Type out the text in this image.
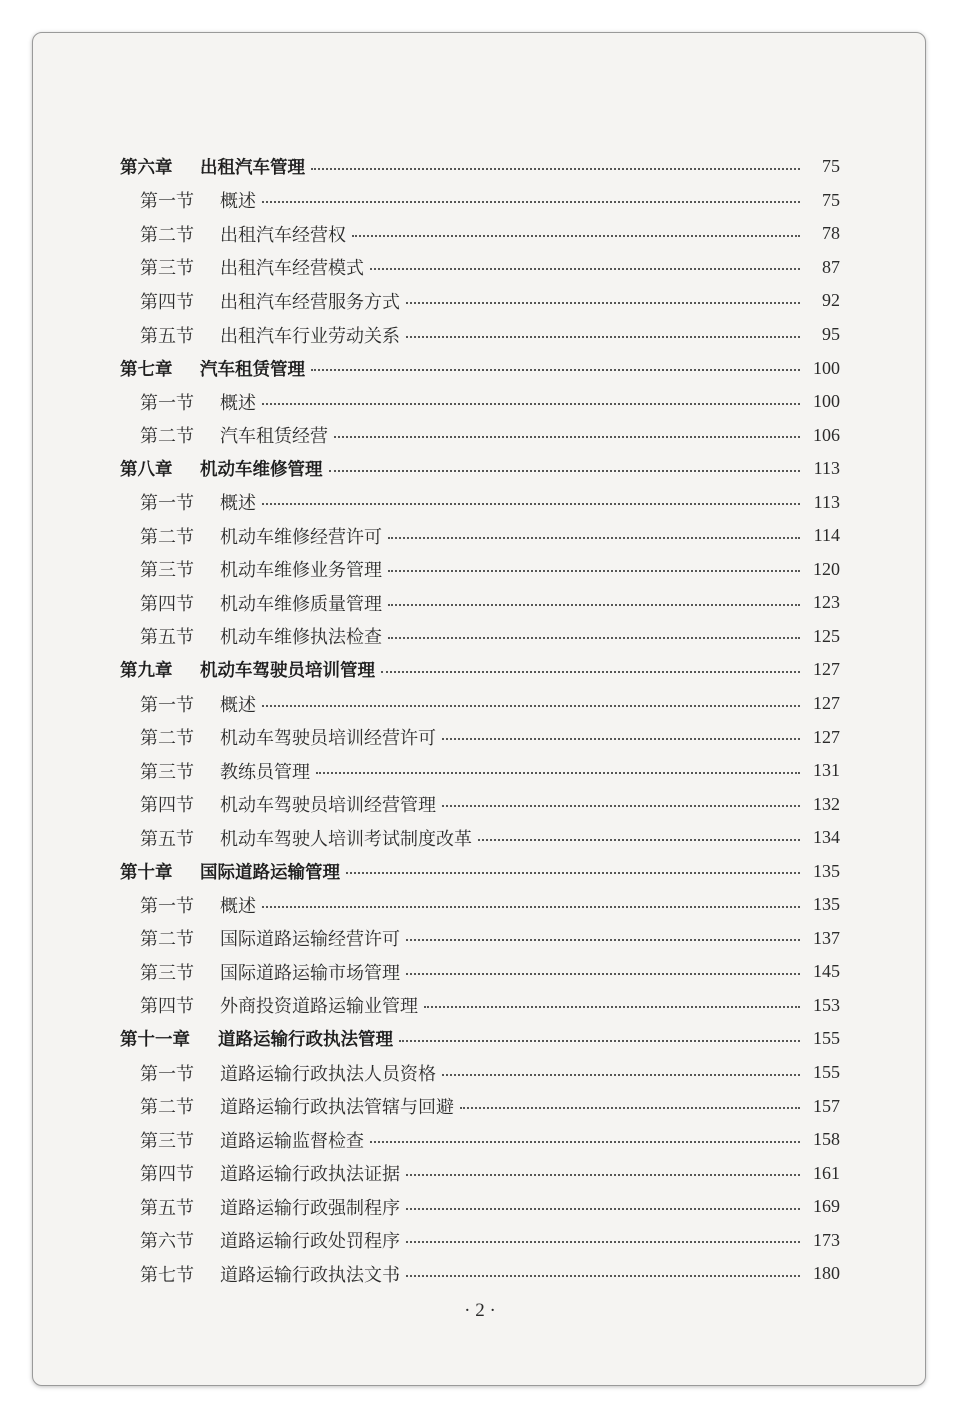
第六章	出租汽车管理	75
第一节	概述	75
第二节	出租汽车经营权	78
第三节	出租汽车经营模式	87
第四节	出租汽车经营服务方式	92
第五节	出租汽车行业劳动关系	95
第七章	汽车租赁管理	100
第一节	概述	100
第二节	汽车租赁经营	106
第八章	机动车维修管理	113
第一节	概述	113
第二节	机动车维修经营许可	114
第三节	机动车维修业务管理	120
第四节	机动车维修质量管理	123
第五节	机动车维修执法检查	125
第九章	机动车驾驶员培训管理	127
第一节	概述	127
第二节	机动车驾驶员培训经营许可	127
第三节	教练员管理	131
第四节	机动车驾驶员培训经营管理	132
第五节	机动车驾驶人培训考试制度改革	134
第十章	国际道路运输管理	135
第一节	概述	135
第二节	国际道路运输经营许可	137
第三节	国际道路运输市场管理	145
第四节	外商投资道路运输业管理	153
第十一章	道路运输行政执法管理	155
第一节	道路运输行政执法人员资格	155
第二节	道路运输行政执法管辖与回避	157
第三节	道路运输监督检查	158
第四节	道路运输行政执法证据	161
第五节	道路运输行政强制程序	169
第六节	道路运输行政处罚程序	173
第七节	道路运输行政执法文书	180
· 2 ·
